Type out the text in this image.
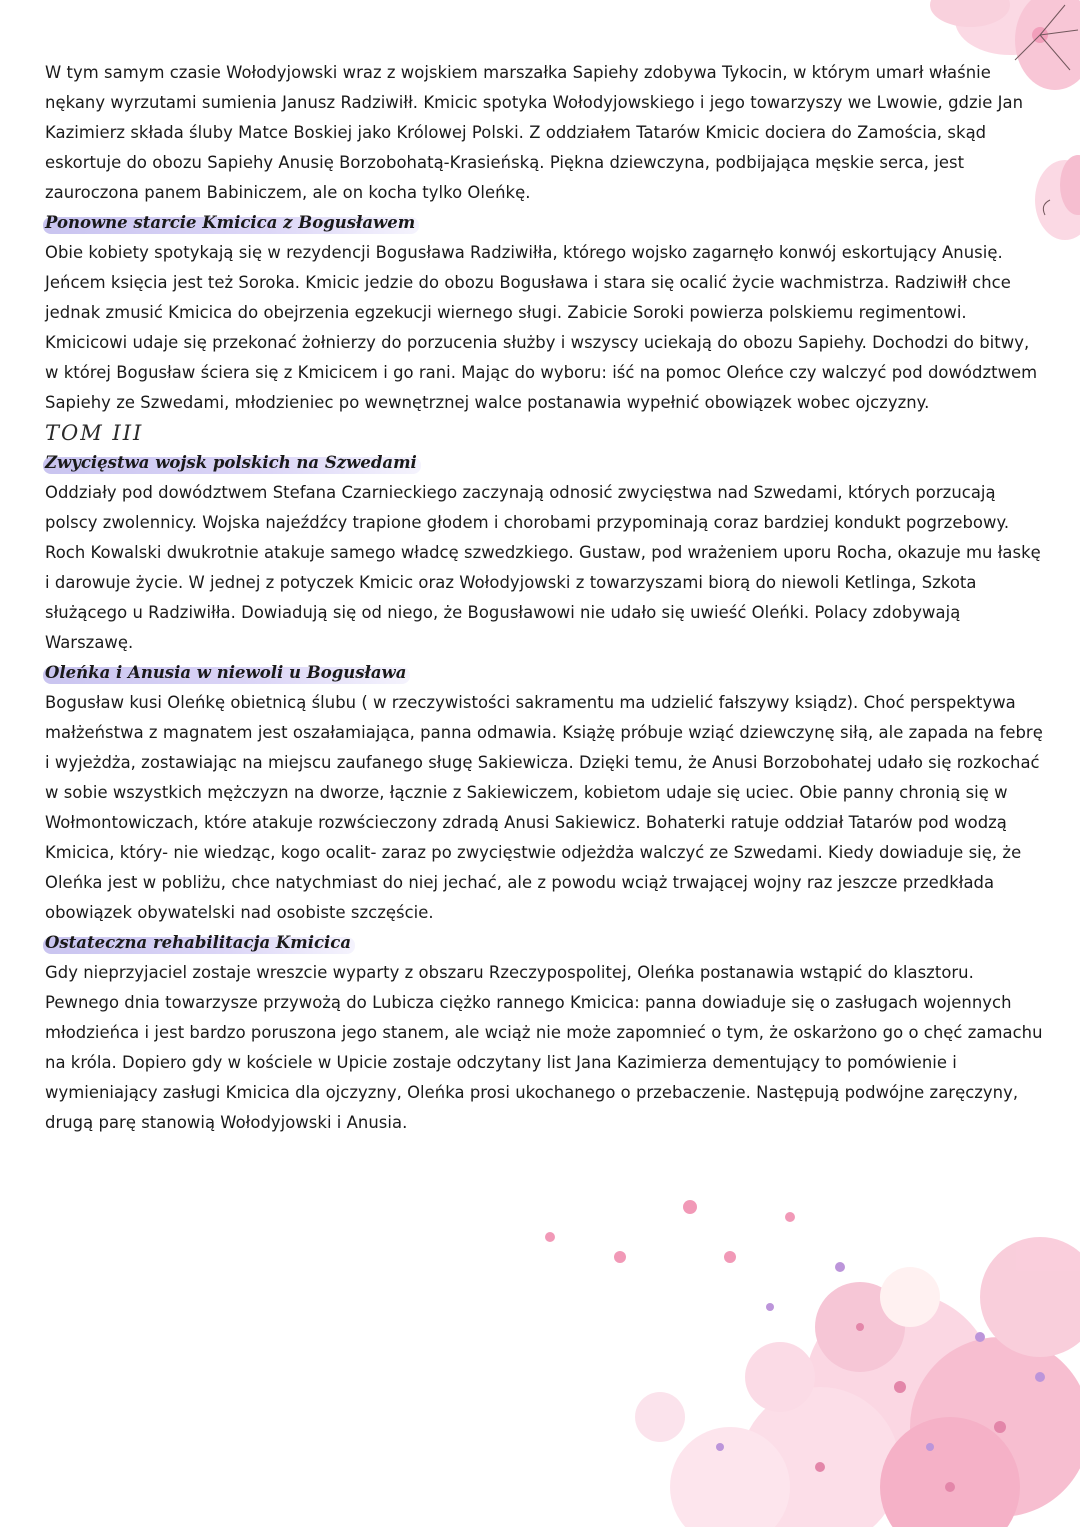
W tym samym czasie Wołodyjowski wraz z wojskiem marszałka Sapiehy zdobywa Tykocin, w którym umarł właśnie nękany wyrzutami sumienia Janusz Radziwiłł. Kmicic spotyka Wołodyjowskiego i jego towarzyszy we Lwowie, gdzie Jan Kazimierz składa śluby Matce Boskiej jako Królowej Polski. Z oddziałem Tatarów Kmicic dociera do Zamościa, skąd eskortuje do obozu Sapiehy Anusię Borzobohatą-Krasieńską. Piękna dziewczyna, podbijająca męskie serca, jest zauroczona panem Babiniczem, ale on kocha tylko Oleńkę.

Ponowne starcie Kmicica z Bogusławem

Obie kobiety spotykają się w rezydencji Bogusława Radziwiłła, którego wojsko zagarnęło konwój eskortujący Anusię. Jeńcem księcia jest też Soroka. Kmicic jedzie do obozu Bogusława i stara się ocalić życie wachmistrza. Radziwiłł chce jednak zmusić Kmicica do obejrzenia egzekucji wiernego sługi. Zabicie Soroki powierza polskiemu regimentowi. Kmicicowi udaje się przekonać żołnierzy do porzucenia służby i wszyscy uciekają do obozu Sapiehy. Dochodzi do bitwy, w której Bogusław ściera się z Kmicicem i go rani. Mając do wyboru: iść na pomoc Oleńce czy walczyć pod dowództwem Sapiehy ze Szwedami, młodzieniec po wewnętrznej walce postanawia wypełnić obowiązek wobec ojczyzny.

TOM III
Zwycięstwa wojsk polskich na Szwedami

Oddziały pod dowództwem Stefana Czarnieckiego zaczynają odnosić zwycięstwa nad Szwedami, których porzucają polscy zwolennicy. Wojska najeźdźcy trapione głodem i chorobami przypominają coraz bardziej kondukt pogrzebowy. Roch Kowalski dwukrotnie atakuje samego władcę szwedzkiego. Gustaw, pod wrażeniem uporu Rocha, okazuje mu łaskę i darowuje życie. W jednej z potyczek Kmicic oraz Wołodyjowski z towarzyszami biorą do niewoli Ketlinga, Szkota służącego u Radziwiłła. Dowiadują się od niego, że Bogusławowi nie udało się uwieść Oleńki. Polacy zdobywają Warszawę.

Oleńka i Anusia w niewoli u Bogusława

Bogusław kusi Oleńkę obietnicą ślubu ( w rzeczywistości sakramentu ma udzielić fałszywy ksiądz). Choć perspektywa małżeństwa z magnatem jest oszałamiająca, panna odmawia. Książę próbuje wziąć dziewczynę siłą, ale zapada na febrę i wyjeżdża, zostawiając na miejscu zaufanego sługę Sakiewicza. Dzięki temu, że Anusi Borzobohatej udało się rozkochać w sobie wszystkich mężczyzn na dworze, łącznie z Sakiewiczem, kobietom udaje się uciec. Obie panny chronią się w Wołmontowiczach, które atakuje rozwścieczony zdradą Anusi Sakiewicz. Bohaterki ratuje oddział Tatarów pod wodzą Kmicica, który- nie wiedząc, kogo ocalit- zaraz po zwycięstwie odjeżdża walczyć ze Szwedami. Kiedy dowiaduje się, że Oleńka jest w pobliżu, chce natychmiast do niej jechać, ale z powodu wciąż trwającej wojny raz jeszcze przedkłada obowiązek obywatelski nad osobiste szczęście.

Ostateczna rehabilitacja Kmicica

Gdy nieprzyjaciel zostaje wreszcie wyparty z obszaru Rzeczypospolitej, Oleńka postanawia wstąpić do klasztoru. Pewnego dnia towarzysze przywożą do Lubicza ciężko rannego Kmicica: panna dowiaduje się o zasługach wojennych młodzieńca i jest bardzo poruszona jego stanem, ale wciąż nie może zapomnieć o tym, że oskarżono go o chęć zamachu na króla. Dopiero gdy w kościele w Upicie zostaje odczytany list Jana Kazimierza dementujący to pomówienie i wymieniający zasługi Kmicica dla ojczyzny, Oleńka prosi ukochanego o przebaczenie. Następują podwójne zaręczyny, drugą parę stanowią Wołodyjowski i Anusia.
